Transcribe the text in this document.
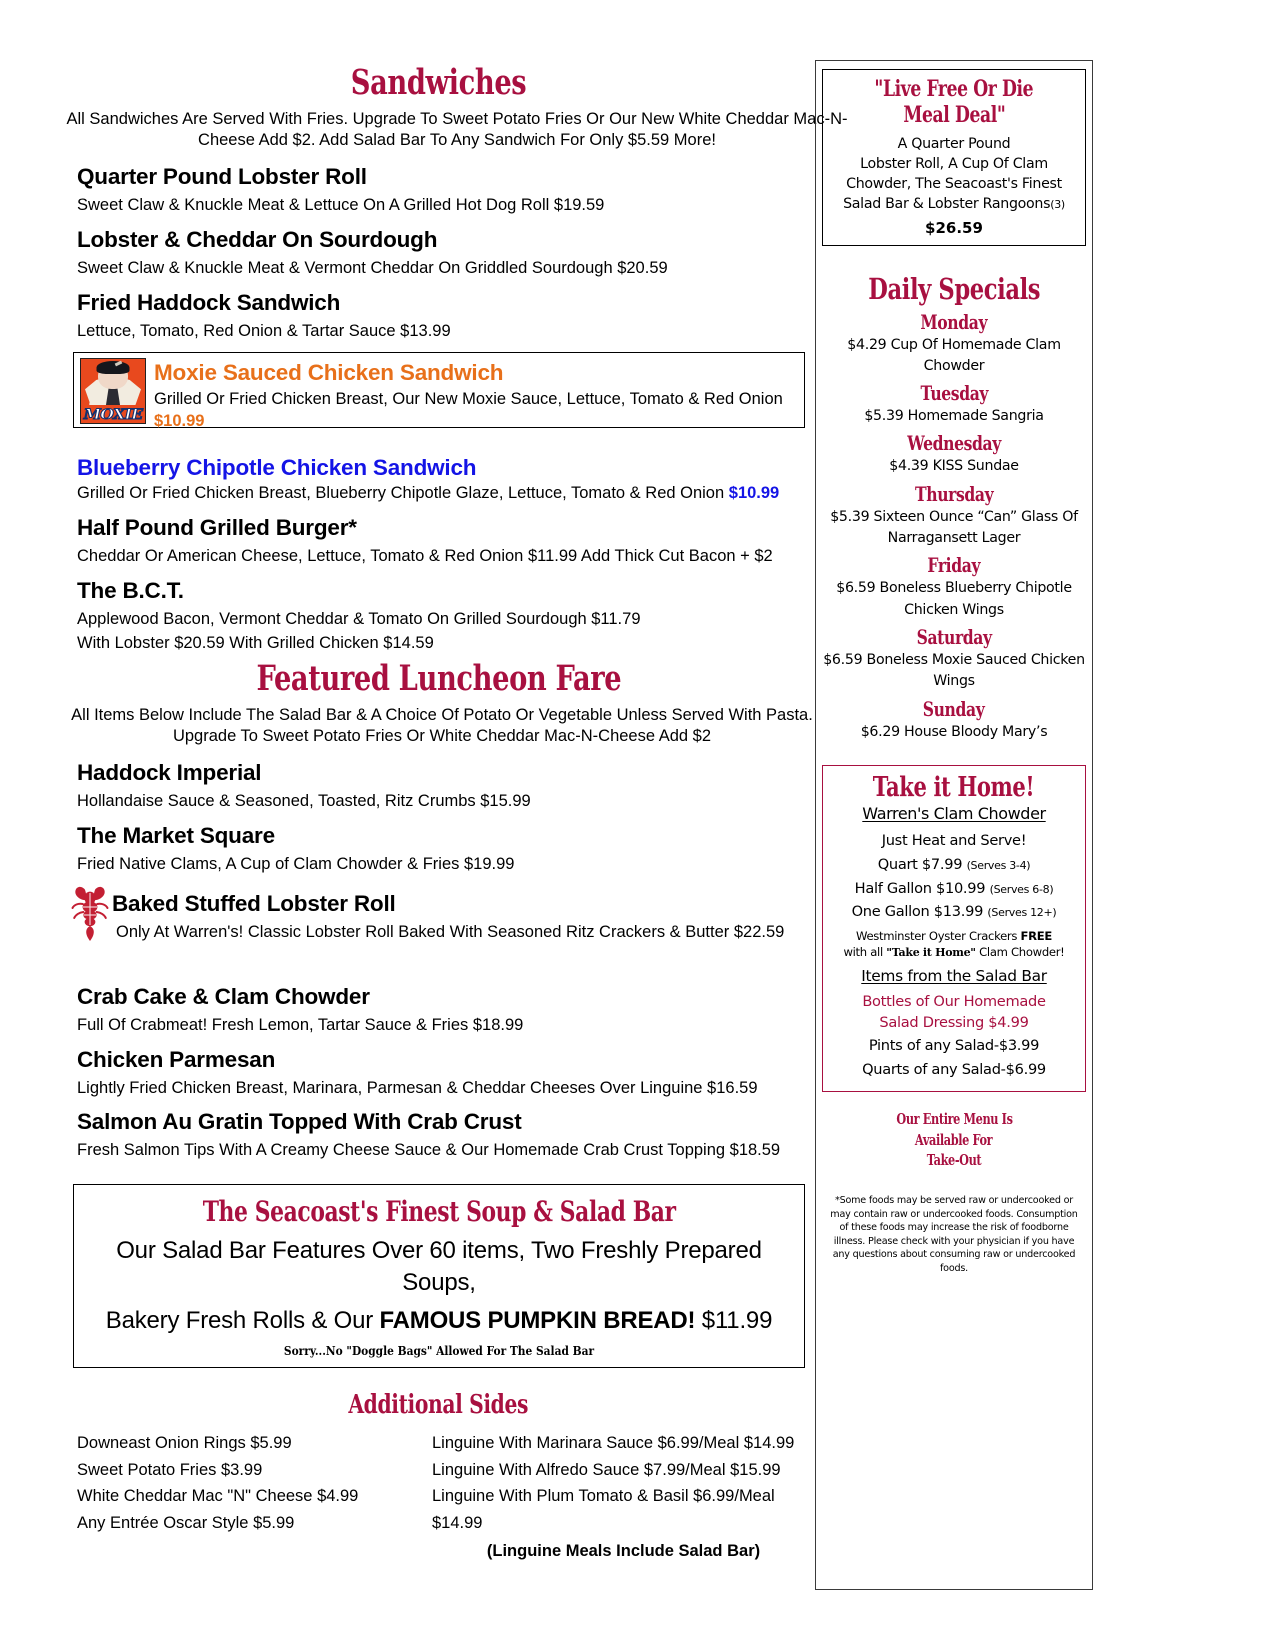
Sandwiches
All Sandwiches Are Served With Fries. Upgrade To Sweet Potato Fries Or Our New White Cheddar Mac-N-Cheese Add $2. Add Salad Bar To Any Sandwich For Only $5.59 More!
Quarter Pound Lobster Roll
Sweet Claw & Knuckle Meat & Lettuce On A Grilled Hot Dog Roll $19.59
Lobster & Cheddar On Sourdough
Sweet Claw & Knuckle Meat & Vermont Cheddar On Griddled Sourdough $20.59
Fried Haddock Sandwich
Lettuce, Tomato, Red Onion & Tartar Sauce $13.99
MOXIE
Moxie Sauced Chicken Sandwich
Grilled Or Fried Chicken Breast, Our New Moxie Sauce, Lettuce, Tomato & Red Onion $10.99
Blueberry Chipotle Chicken Sandwich
Grilled Or Fried Chicken Breast, Blueberry Chipotle Glaze, Lettuce, Tomato & Red Onion $10.99
Half Pound Grilled Burger*
Cheddar Or American Cheese, Lettuce, Tomato & Red Onion $11.99 Add Thick Cut Bacon + $2
The B.C.T.
Applewood Bacon, Vermont Cheddar & Tomato On Grilled Sourdough $11.79
With Lobster $20.59 With Grilled Chicken $14.59
Featured Luncheon Fare
All Items Below Include The Salad Bar & A Choice Of Potato Or Vegetable Unless Served With Pasta. Upgrade To Sweet Potato Fries Or White Cheddar Mac-N-Cheese Add $2
Haddock Imperial
Hollandaise Sauce & Seasoned, Toasted, Ritz Crumbs $15.99
The Market Square
Fried Native Clams, A Cup of Clam Chowder & Fries $19.99
Baked Stuffed Lobster Roll
Only At Warren's! Classic Lobster Roll Baked With Seasoned Ritz Crackers & Butter $22.59
Crab Cake & Clam Chowder
Full Of Crabmeat! Fresh Lemon, Tartar Sauce & Fries $18.99
Chicken Parmesan
Lightly Fried Chicken Breast, Marinara, Parmesan & Cheddar Cheeses Over Linguine $16.59
Salmon Au Gratin Topped With Crab Crust
Fresh Salmon Tips With A Creamy Cheese Sauce & Our Homemade Crab Crust Topping $18.59
The Seacoast's Finest Soup & Salad Bar
Our Salad Bar Features Over 60 items, Two Freshly Prepared Soups,
Bakery Fresh Rolls & Our FAMOUS PUMPKIN BREAD! $11.99
Sorry...No "Doggle Bags" Allowed For The Salad Bar
Additional Sides
Downeast Onion Rings $5.99
Sweet Potato Fries $3.99
White Cheddar Mac "N" Cheese $4.99
Any Entrée Oscar Style $5.99
Linguine With Marinara Sauce $6.99/Meal $14.99
Linguine With Alfredo Sauce $7.99/Meal $15.99
Linguine With Plum Tomato & Basil $6.99/Meal $14.99
(Linguine Meals Include Salad Bar)
"Live Free Or Die
Meal Deal"
A Quarter Pound
Lobster Roll, A Cup Of Clam
Chowder, The Seacoast's Finest
Salad Bar & Lobster Rangoons(3)
$26.59
Daily Specials
Monday
$4.29 Cup Of Homemade Clam Chowder
Tuesday
$5.39 Homemade Sangria
Wednesday
$4.39 KISS Sundae
Thursday
$5.39 Sixteen Ounce “Can” Glass Of Narragansett Lager
Friday
$6.59 Boneless Blueberry Chipotle Chicken Wings
Saturday
$6.59 Boneless Moxie Sauced Chicken Wings
Sunday
$6.29 House Bloody Mary’s
Take it Home!
Warren's Clam Chowder
Just Heat and Serve!
Quart $7.99 (Serves 3-4)
Half Gallon $10.99 (Serves 6-8)
One Gallon $13.99 (Serves 12+)
Westminster Oyster Crackers FREE
with all "Take it Home" Clam Chowder!
Items from the Salad Bar
Bottles of Our Homemade
Salad Dressing $4.99
Pints of any Salad-$3.99
Quarts of any Salad-$6.99
Our Entire Menu Is
Available For
Take-Out
*Some foods may be served raw or undercooked or may contain raw or undercooked foods. Consumption of these foods may increase the risk of foodborne illness. Please check with your physician if you have any questions about consuming raw or undercooked foods.
